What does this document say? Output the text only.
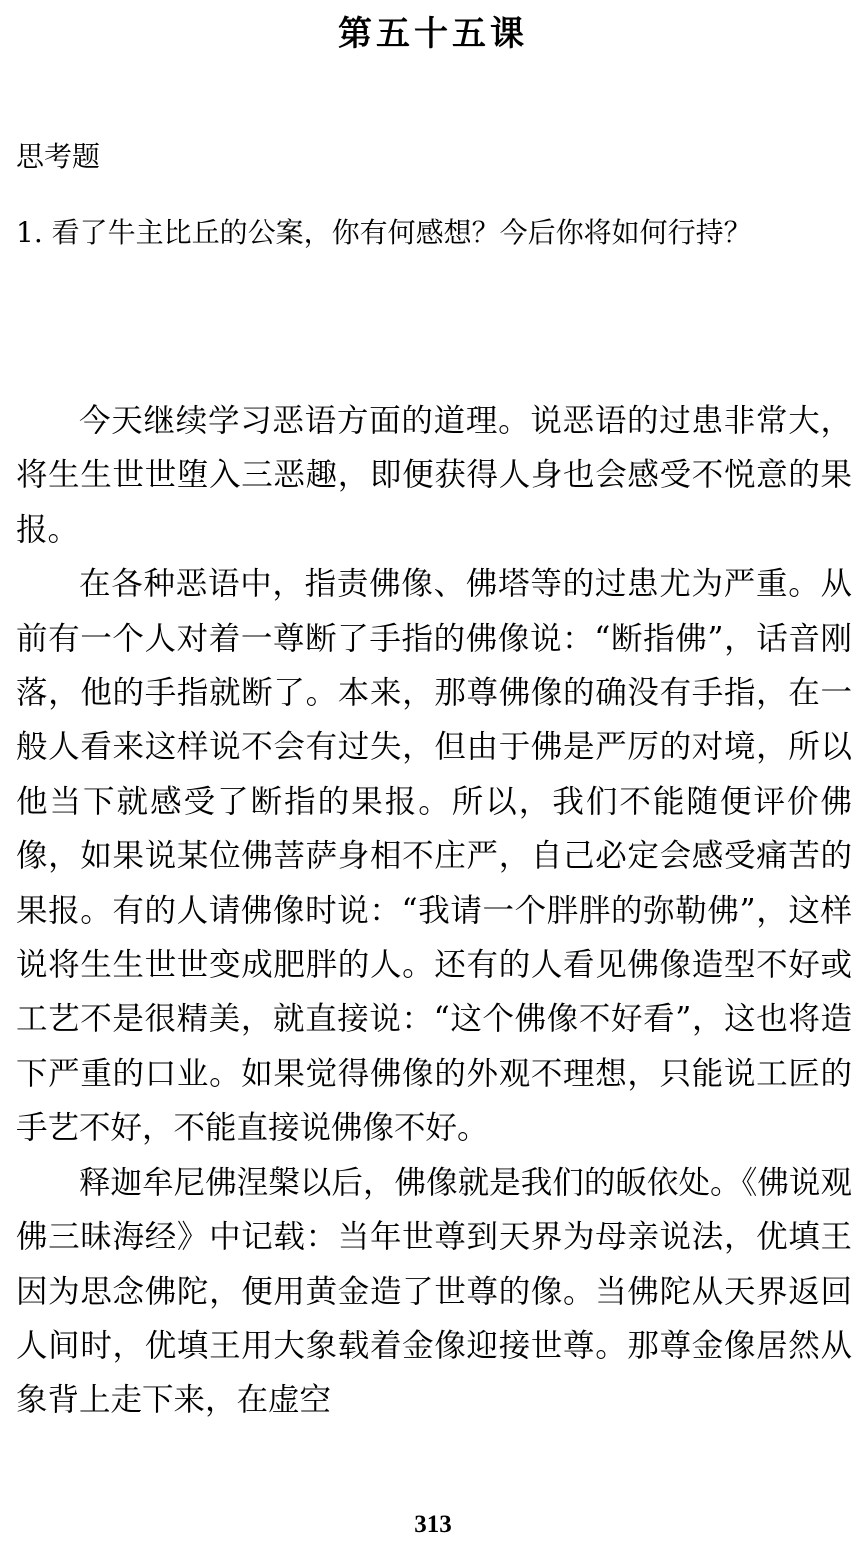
第五十五课
思考题
1. 看了牛主比丘的公案，你有何感想？今后你将如何行持？

今天继续学习恶语方面的道理。说恶语的过患非常大，将生生世世堕入三恶趣，即便获得人身也会感受不悦意的果报。

在各种恶语中，指责佛像、佛塔等的过患尤为严重。从前有一个人对着一尊断了手指的佛像说：“断指佛”，话音刚落，他的手指就断了。本来，那尊佛像的确没有手指，在一般人看来这样说不会有过失，但由于佛是严厉的对境，所以他当下就感受了断指的果报。所以，我们不能随便评价佛像，如果说某位佛菩萨身相不庄严，自己必定会感受痛苦的果报。有的人请佛像时说：“我请一个胖胖的弥勒佛”，这样说将生生世世变成肥胖的人。还有的人看见佛像造型不好或工艺不是很精美，就直接说：“这个佛像不好看”，这也将造下严重的口业。如果觉得佛像的外观不理想，只能说工匠的手艺不好，不能直接说佛像不好。

释迦牟尼佛涅槃以后，佛像就是我们的皈依处。《佛说观佛三昧海经》中记载：当年世尊到天界为母亲说法，优填王因为思念佛陀，便用黄金造了世尊的像。当佛陀从天界返回人间时，优填王用大象载着金像迎接世尊。那尊金像居然从象背上走下来，在虚空

313
